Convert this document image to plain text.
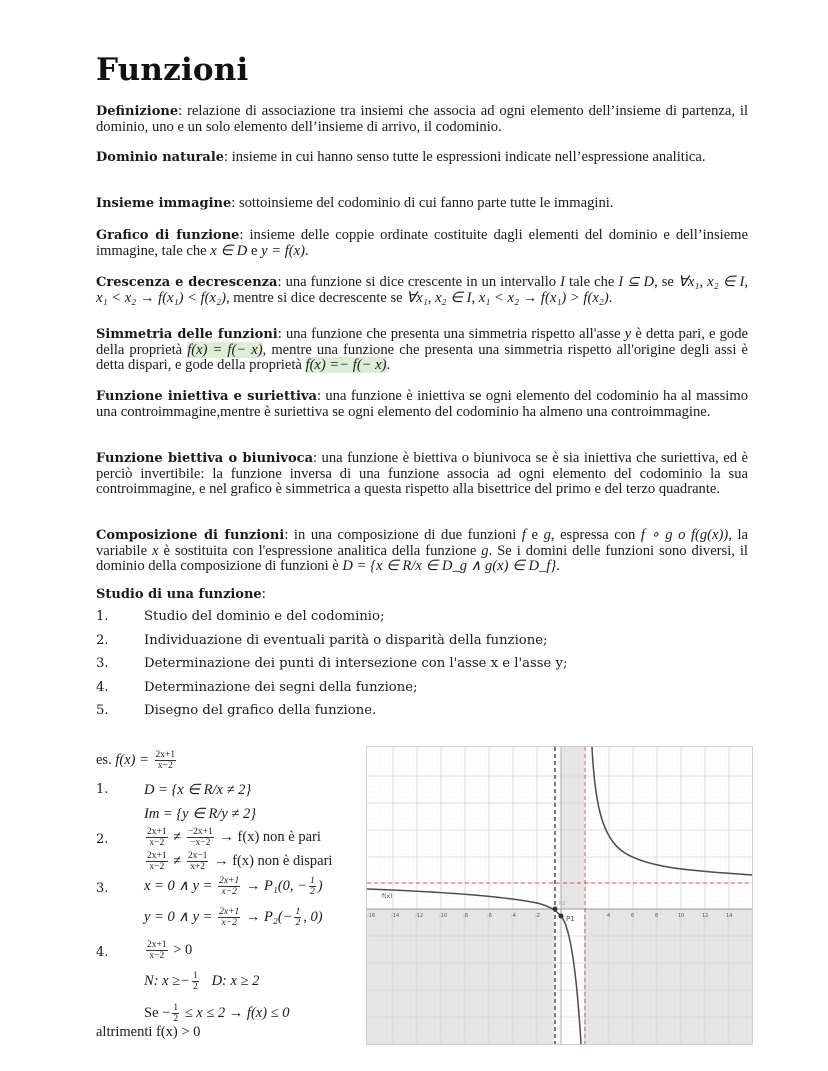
Funzioni

Definizione: relazione di associazione tra insiemi che associa ad ogni elemento dell’insieme di partenza, il dominio, uno e un solo elemento dell’insieme di arrivo, il codominio.

Dominio naturale: insieme in cui hanno senso tutte le espressioni indicate nell’espressione analitica.

Insieme immagine: sottoinsieme del codominio di cui fanno parte tutte le immagini.

Grafico di funzione: insieme delle coppie ordinate costituite dagli elementi del dominio e dell’insieme immagine, tale che x ∈ D e y = f(x).

Crescenza e decrescenza: una funzione si dice crescente in un intervallo I tale che I ⊆ D, se ∀x₁, x₂ ∈ I, x₁ < x₂ → f(x₁) < f(x₂), mentre si dice decrescente se ∀x₁, x₂ ∈ I, x₁ < x₂ → f(x₁) > f(x₂).

Simmetria delle funzioni: una funzione che presenta una simmetria rispetto all'asse y è detta pari, e gode della proprietà f(x) = f(− x), mentre una funzione che presenta una simmetria rispetto all'origine degli assi è detta dispari, e gode della proprietà f(x) =− f(− x).

Funzione iniettiva e suriettiva: una funzione è iniettiva se ogni elemento del codominio ha al massimo una controimmagine,mentre è suriettiva se ogni elemento del codominio ha almeno una controimmagine.

Funzione biettiva o biunivoca: una funzione è biettiva o biunivoca se è sia iniettiva che suriettiva, ed è perciò invertibile: la funzione inversa di una funzione associa ad ogni elemento del codominio la sua controimmagine, e nel grafico è simmetrica a questa rispetto alla bisettrice del primo e del terzo quadrante.

Composizione di funzioni: in una composizione di due funzioni f e g, espressa con f ∘ g o f(g(x)), la variabile x è sostituita con l'espressione analitica della funzione g. Se i domini delle funzioni sono diversi, il dominio della composizione di funzioni è D = {x ∈ R/x ∈ D_g ∧ g(x) ∈ D_f}.

Studio di una funzione:

1.	Studio del dominio e del codominio;
2.	Individuazione di eventuali parità o disparità della funzione;
3.	Determinazione dei punti di intersezione con l'asse x e l'asse y;
4.	Determinazione dei segni della funzione;
5.	Disegno del grafico della funzione.
es. $f(x) = \frac{2x+1}{x-2}$
1. D = {x ∈ R/x ≠ 2}
Im = {y ∈ R/y ≠ 2}
2.	$\frac{2x+1}{x-2} \ne \frac{-2x+1}{-x-2} \to f(x)$ non è pari
$\frac{2x+1}{x-2} \ne \frac{2x-1}{x+2} \to f(x)$ non è dispari
3. x = 0 ∧ $y = \frac{2x+1}{x-2} \to P_1(0$, − $\frac{1}{2}$ )
y = 0 ∧ $y = \frac{2x+1}{x-2} \to P_2(- \frac{1}{2}$ , 0)
4.	$\frac{2x+1}{x-2} > 0$
N: $x \ge- \frac{1}{2} D$: x ≥ 2
$Se - \frac{1}{2} \le x \le 2 \to f(x) \le 0$
altrimenti f(x) > 0
-16	-14	-12	-10	-8	-6	-4	-2	4	6	8	10	12	14
P1
P2
f(x)
